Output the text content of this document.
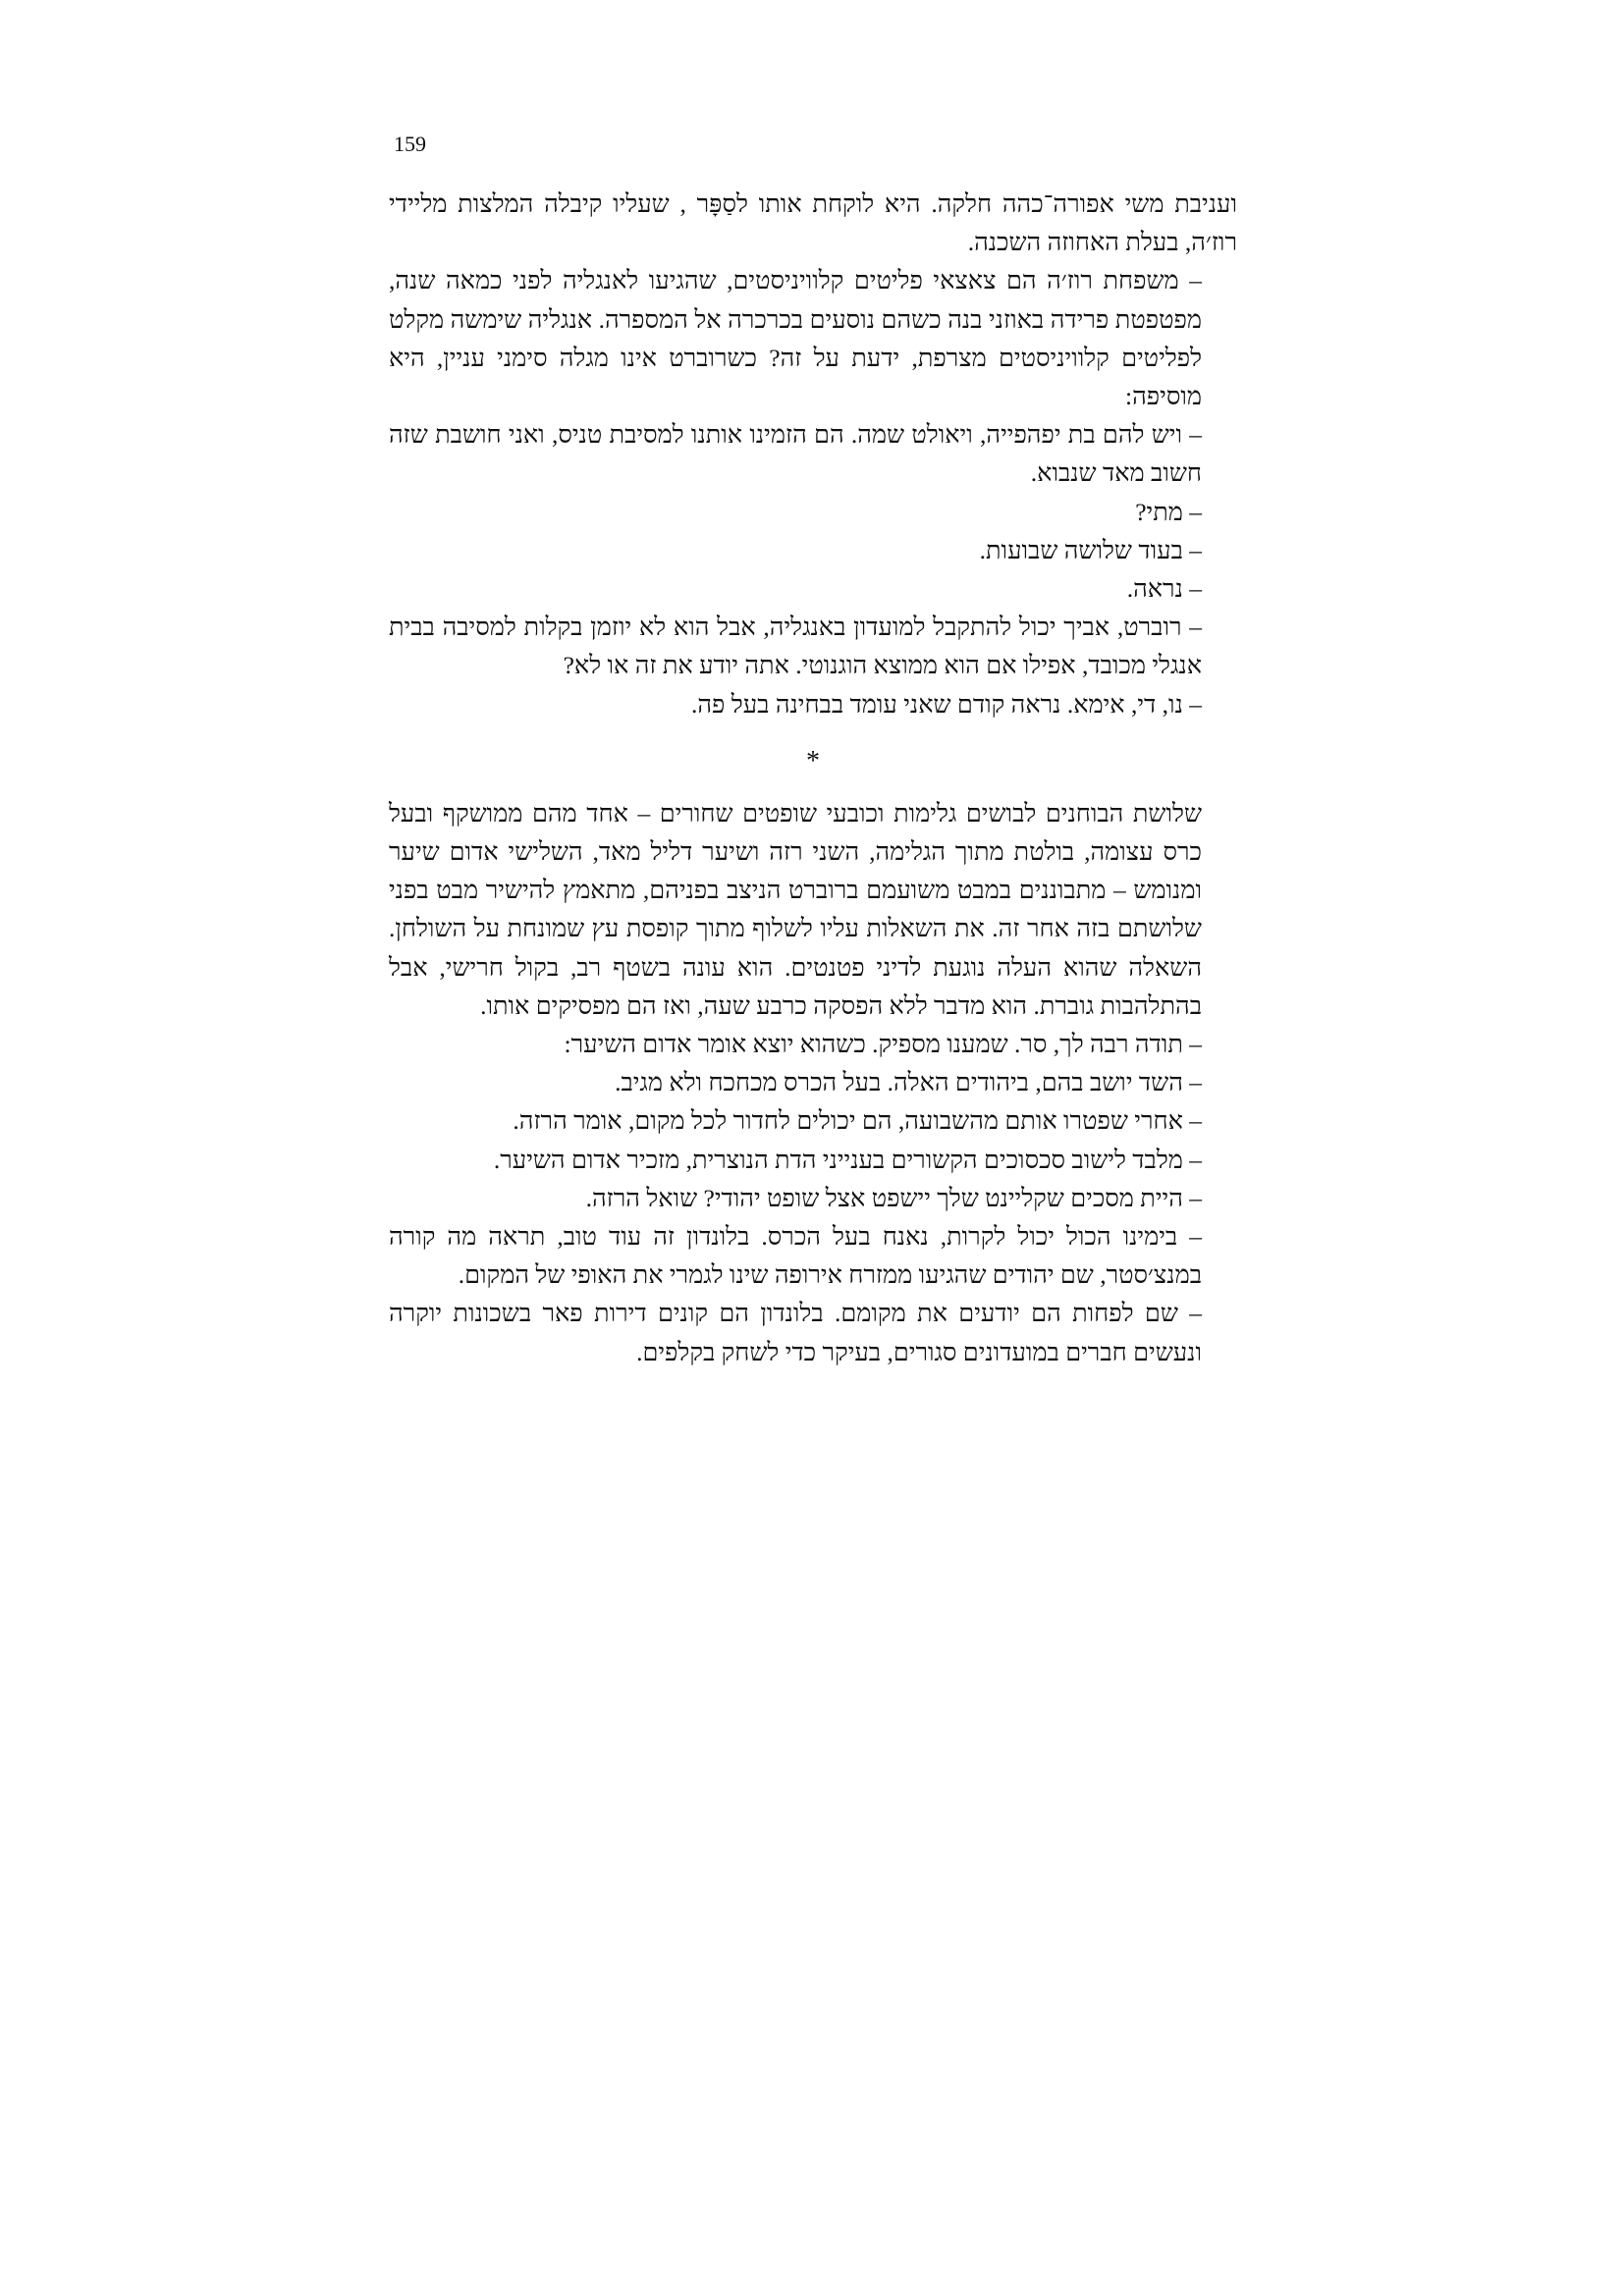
159

ועניבת משי אפורה־כהה חלקה. היא לוקחת אותו לסַפָּר , שעליו קיבלה המלצות מליידי רוז׳ה, בעלת האחוזה השכנה.

– משפחת רוז׳ה הם צאצאי פליטים קלוויניסטים, שהגיעו לאנגליה לפני כמאה שנה, מפטפטת פרידה באוזני בנה כשהם נוסעים בכרכרה אל המספרה. אנגליה שימשה מקלט לפליטים קלוויניסטים מצרפת, ידעת על זה? כשרוברט אינו מגלה סימני עניין, היא מוסיפה:

– ויש להם בת יפהפייה, ויאולט שמה. הם הזמינו אותנו למסיבת טניס, ואני חושבת שזה חשוב מאד שנבוא.

– מתי?

– בעוד שלושה שבועות.

– נראה.

– רוברט, אביך יכול להתקבל למועדון באנגליה, אבל הוא לא יוזמן בקלות למסיבה בבית אנגלי מכובד, אפילו אם הוא ממוצא הוגנוטי. אתה יודע את זה או לא?

– נו, די, אימא. נראה קודם שאני עומד בבחינה בעל פה.

*

שלושת הבוחנים לבושים גלימות וכובעי שופטים שחורים – אחד מהם ממושקף ובעל כרס עצומה, בולטת מתוך הגלימה, השני רזה ושיער דליל מאד, השלישי אדום שיער ומנומש – מתבוננים במבט משועמם ברוברט הניצב בפניהם, מתאמץ להישיר מבט בפני שלושתם בזה אחר זה. את השאלות עליו לשלוף מתוך קופסת עץ שמונחת על השולחן. השאלה שהוא העלה נוגעת לדיני פטנטים. הוא עונה בשטף רב, בקול חרישי, אבל בהתלהבות גוברת. הוא מדבר ללא הפסקה כרבע שעה, ואז הם מפסיקים אותו.

– תודה רבה לך, סר. שמענו מספיק. כשהוא יוצא אומר אדום השיער:

– השד יושב בהם, ביהודים האלה. בעל הכרס מכחכח ולא מגיב.

– אחרי שפטרו אותם מהשבועה, הם יכולים לחדור לכל מקום, אומר הרזה.

– מלבד לישוב סכסוכים הקשורים בענייני הדת הנוצרית, מזכיר אדום השיער.

– היית מסכים שקליינט שלך יישפט אצל שופט יהודי? שואל הרזה.

– בימינו הכול יכול לקרות, נאנח בעל הכרס. בלונדון זה עוד טוב, תראה מה קורה במנצ׳סטר, שם יהודים שהגיעו ממזרח אירופה שינו לגמרי את האופי של המקום.

– שם לפחות הם יודעים את מקומם. בלונדון הם קונים דירות פאר בשכונות יוקרה ונעשים חברים במועדונים סגורים, בעיקר כדי לשחק בקלפים.
